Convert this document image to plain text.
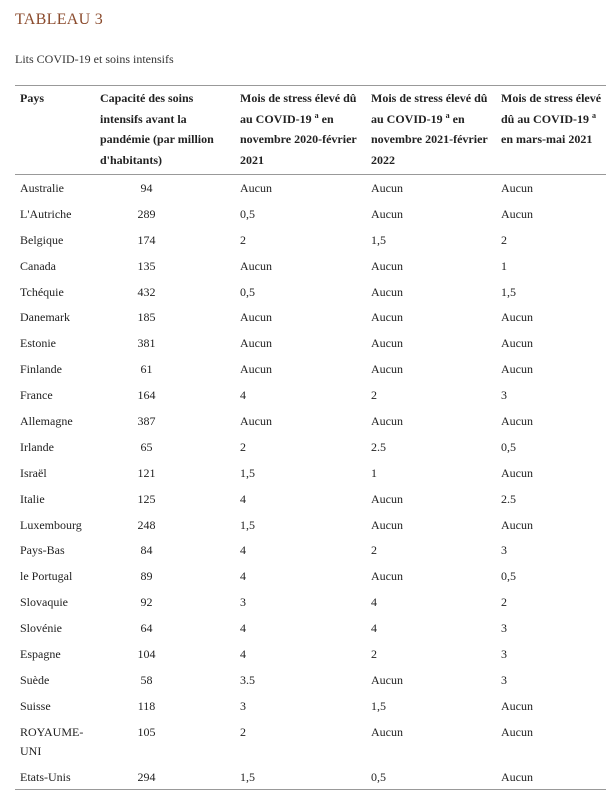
TABLEAU 3
Lits COVID-19 et soins intensifs
Pays	Capacité des soins intensifs avant la pandémie (par million d'habitants)	Mois de stress élevé dû au COVID-19 $^a$ en novembre 2020-février 2021	Mois de stress élevé dû au COVID-19 $^a$ en novembre 2021-février 2022	Mois de stress élevé dû au COVID-19 $^a$ en mars-mai 2021
Australie	94	Aucun	Aucun	Aucun
L'Autriche	289	0,5	Aucun	Aucun
Belgique	174	2	1,5	2
Canada	135	Aucun	Aucun	1
Tchéquie	432	0,5	Aucun	1,5
Danemark	185	Aucun	Aucun	Aucun
Estonie	381	Aucun	Aucun	Aucun
Finlande	61	Aucun	Aucun	Aucun
France	164	4	2	3
Allemagne	387	Aucun	Aucun	Aucun
Irlande	65	2	2.5	0,5
Israël	121	1,5	1	Aucun
Italie	125	4	Aucun	2.5
Luxembourg	248	1,5	Aucun	Aucun
Pays-Bas	84	4	2	3
le Portugal	89	4	Aucun	0,5
Slovaquie	92	3	4	2
Slovénie	64	4	4	3
Espagne	104	4	2	3
Suède	58	3.5	Aucun	3
Suisse	118	3	1,5	Aucun
ROYAUME-UNI	105	2	Aucun	Aucun
Etats-Unis	294	1,5	0,5	Aucun
